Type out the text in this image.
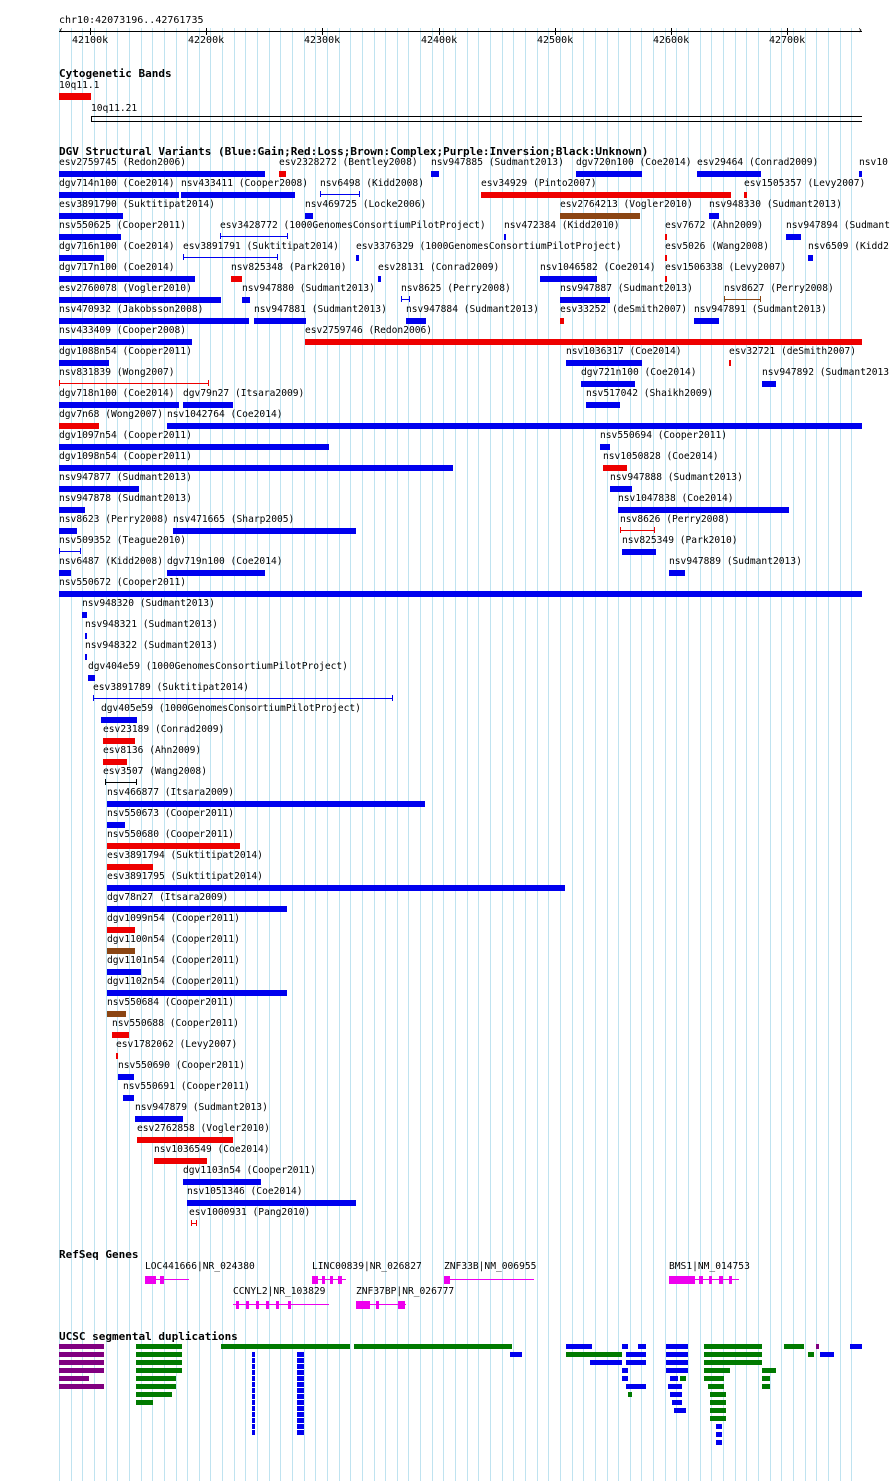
chr10:42073196..42761735
42100k	42200k	42300k	42400k	42500k	42600k	42700k
‹	›
Cytogenetic Bands
10q11.1
10q11.21
DGV Structural Variants (Blue:Gain;Red:Loss;Brown:Complex;Purple:Inversion;Black:Unknown)
esv2759745 (Redon2006)	esv2328272 (Bentley2008) nsv947885 (Sudmant2013) dgv720n100 (Coe2014) esv29464 (Conrad2009)	nsv10
dgv714n100 (Coe2014) nsv433411 (Cooper2008) nsv6498 (Kidd2008)	esv34929 (Pinto2007)	esv1505357 (Levy2007)
esv3891790 (Suktitipat2014)	nsv469725 (Locke2006)	esv2764213 (Vogler2010) nsv948330 (Sudmant2013)
nsv550625 (Cooper2011)	esv3428772 (1000GenomesConsortiumPilotProject) nsv472384 (Kidd2010)	esv7672 (Ahn2009) nsv947894 (Sudmant
dgv716n100 (Coe2014) esv3891791 (Suktitipat2014) esv3376329 (1000GenomesConsortiumPilotProject)	esv5026 (Wang2008)	nsv6509 (Kidd2
dgv717n100 (Coe2014)	nsv825348 (Park2010)	esv28131 (Conrad2009)	nsv1046582 (Coe2014) esv1506338 (Levy2007)
esv2760078 (Vogler2010)	nsv947880 (Sudmant2013)	nsv8625 (Perry2008)	nsv947887 (Sudmant2013)	nsv8627 (Perry2008)
nsv470932 (Jakobsson2008)	nsv947881 (Sudmant2013) nsv947884 (Sudmant2013) esv33252 (deSmith2007) nsv947891 (Sudmant2013)
nsv433409 (Cooper2008)	esv2759746 (Redon2006)
dgv1088n54 (Cooper2011)	nsv1036317 (Coe2014)	esv32721 (deSmith2007)
nsv831839 (Wong2007)	dgv721n100 (Coe2014)	nsv947892 (Sudmant2013
dgv718n100 (Coe2014) dgv79n27 (Itsara2009)	nsv517042 (Shaikh2009)
dgv7n68 (Wong2007) nsv1042764 (Coe2014)
dgv1097n54 (Cooper2011)	nsv550694 (Cooper2011)
dgv1098n54 (Cooper2011)	nsv1050828 (Coe2014)
nsv947877 (Sudmant2013)	nsv947888 (Sudmant2013)
nsv947878 (Sudmant2013)	nsv1047838 (Coe2014)
nsv8623 (Perry2008) nsv471665 (Sharp2005)	nsv8626 (Perry2008)
nsv509352 (Teague2010)	nsv825349 (Park2010)
nsv6487 (Kidd2008) dgv719n100 (Coe2014)	nsv947889 (Sudmant2013)
nsv550672 (Cooper2011)
nsv948320 (Sudmant2013)
nsv948321 (Sudmant2013)
nsv948322 (Sudmant2013)
dgv404e59 (1000GenomesConsortiumPilotProject)
esv3891789 (Suktitipat2014)
dgv405e59 (1000GenomesConsortiumPilotProject)
esv23189 (Conrad2009)
esv8136 (Ahn2009)
esv3507 (Wang2008)
nsv466877 (Itsara2009)
nsv550673 (Cooper2011)
nsv550680 (Cooper2011)
esv3891794 (Suktitipat2014)
esv3891795 (Suktitipat2014)
dgv78n27 (Itsara2009)
dgv1099n54 (Cooper2011)
dgv1100n54 (Cooper2011)
dgv1101n54 (Cooper2011)
dgv1102n54 (Cooper2011)
nsv550684 (Cooper2011)
nsv550688 (Cooper2011)
esv1782062 (Levy2007)
nsv550690 (Cooper2011)
nsv550691 (Cooper2011)
nsv947879 (Sudmant2013)
esv2762858 (Vogler2010)
nsv1036549 (Coe2014)
dgv1103n54 (Cooper2011)
nsv1051346 (Coe2014)
esv1000931 (Pang2010)
RefSeq Genes
LOC441666|NR_024380	LINC00839|NR_026827 ZNF33B|NM_006955	BMS1|NM_014753
CCNYL2|NR_103829	ZNF37BP|NR_026777
UCSC segmental duplications
